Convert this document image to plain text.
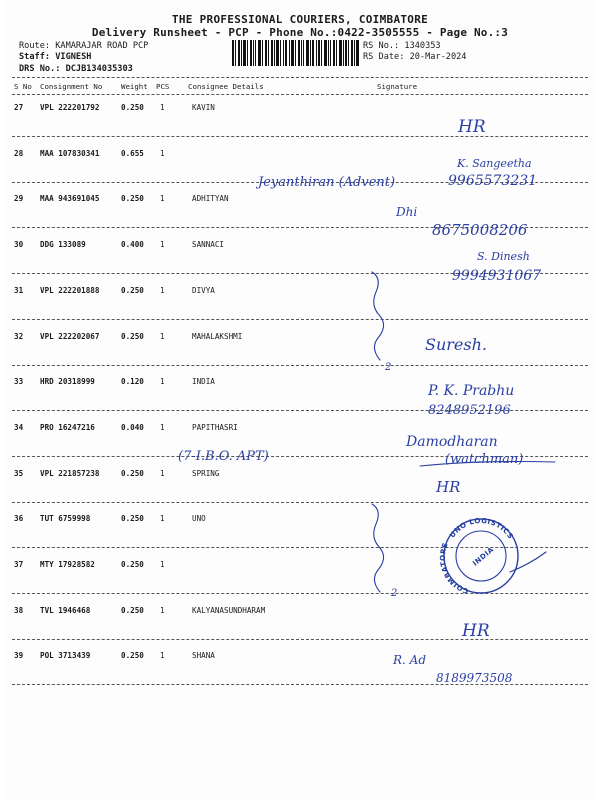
THE PROFESSIONAL COURIERS, COIMBATORE
Delivery Runsheet - PCP - Phone No.:0422-3505555 - Page No.:3
Route: KAMARAJAR ROAD PCP
Staff: VIGNESH
DRS No.: DCJB134035303
RS No.: 1340353
RS Date: 20-Mar-2024
S No Consignment No	Weight PCS	Consignee Details	Signature
27 VPL 222201792	0.250 1	KAVIN
28 MAA 107830341	0.655 1
29 MAA 943691045	0.250 1	ADHITYAN
30 DDG 133089	0.400 1	SANNACI
31 VPL 222201888	0.250 1	DIVYA
32 VPL 222202067	0.250 1	MAHALAKSHMI
33 HRD 20318999	0.120 1	INDIA
34 PRO 16247216	0.040 1	PAPITHASRI
35 VPL 221857238	0.250 1	SPRING
36 TUT 6759998	0.250 1	UNO
37 MTY 17928582	0.250 1
38 TVL 1946468	0.250 1	KALYANASUNDHARAM
39 POL 3713439	0.250 1	SHANA
UNO LOGISTICS
COIMBATORE
INDIA
HR
K. Sangeetha
9965573231
Jeyanthiran (Advent)
Dhi
8675008206
S. Dinesh
9994931067
Suresh.
2
P. K. Prabhu
8248952196
(7-I.B.O. APT)
Damodharan
(watchman)
HR
2
HR
R. Ad
8189973508
